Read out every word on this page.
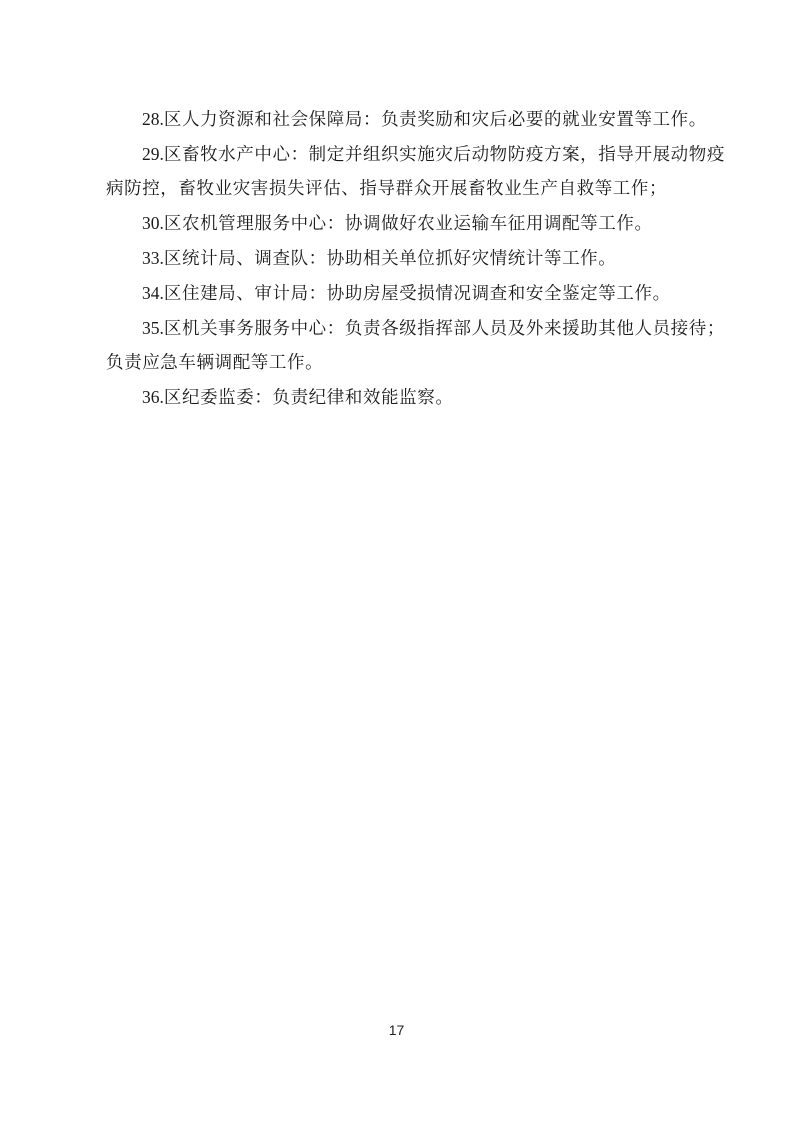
28.区人力资源和社会保障局：负责奖励和灾后必要的就业安置等工作。

29.区畜牧水产中心：制定并组织实施灾后动物防疫方案，指导开展动物疫病防控，畜牧业灾害损失评估、指导群众开展畜牧业生产自救等工作；

30.区农机管理服务中心：协调做好农业运输车征用调配等工作。

33.区统计局、调查队：协助相关单位抓好灾情统计等工作。

34.区住建局、审计局：协助房屋受损情况调查和安全鉴定等工作。

35.区机关事务服务中心：负责各级指挥部人员及外来援助其他人员接待；负责应急车辆调配等工作。

36.区纪委监委：负责纪律和效能监察。

17
